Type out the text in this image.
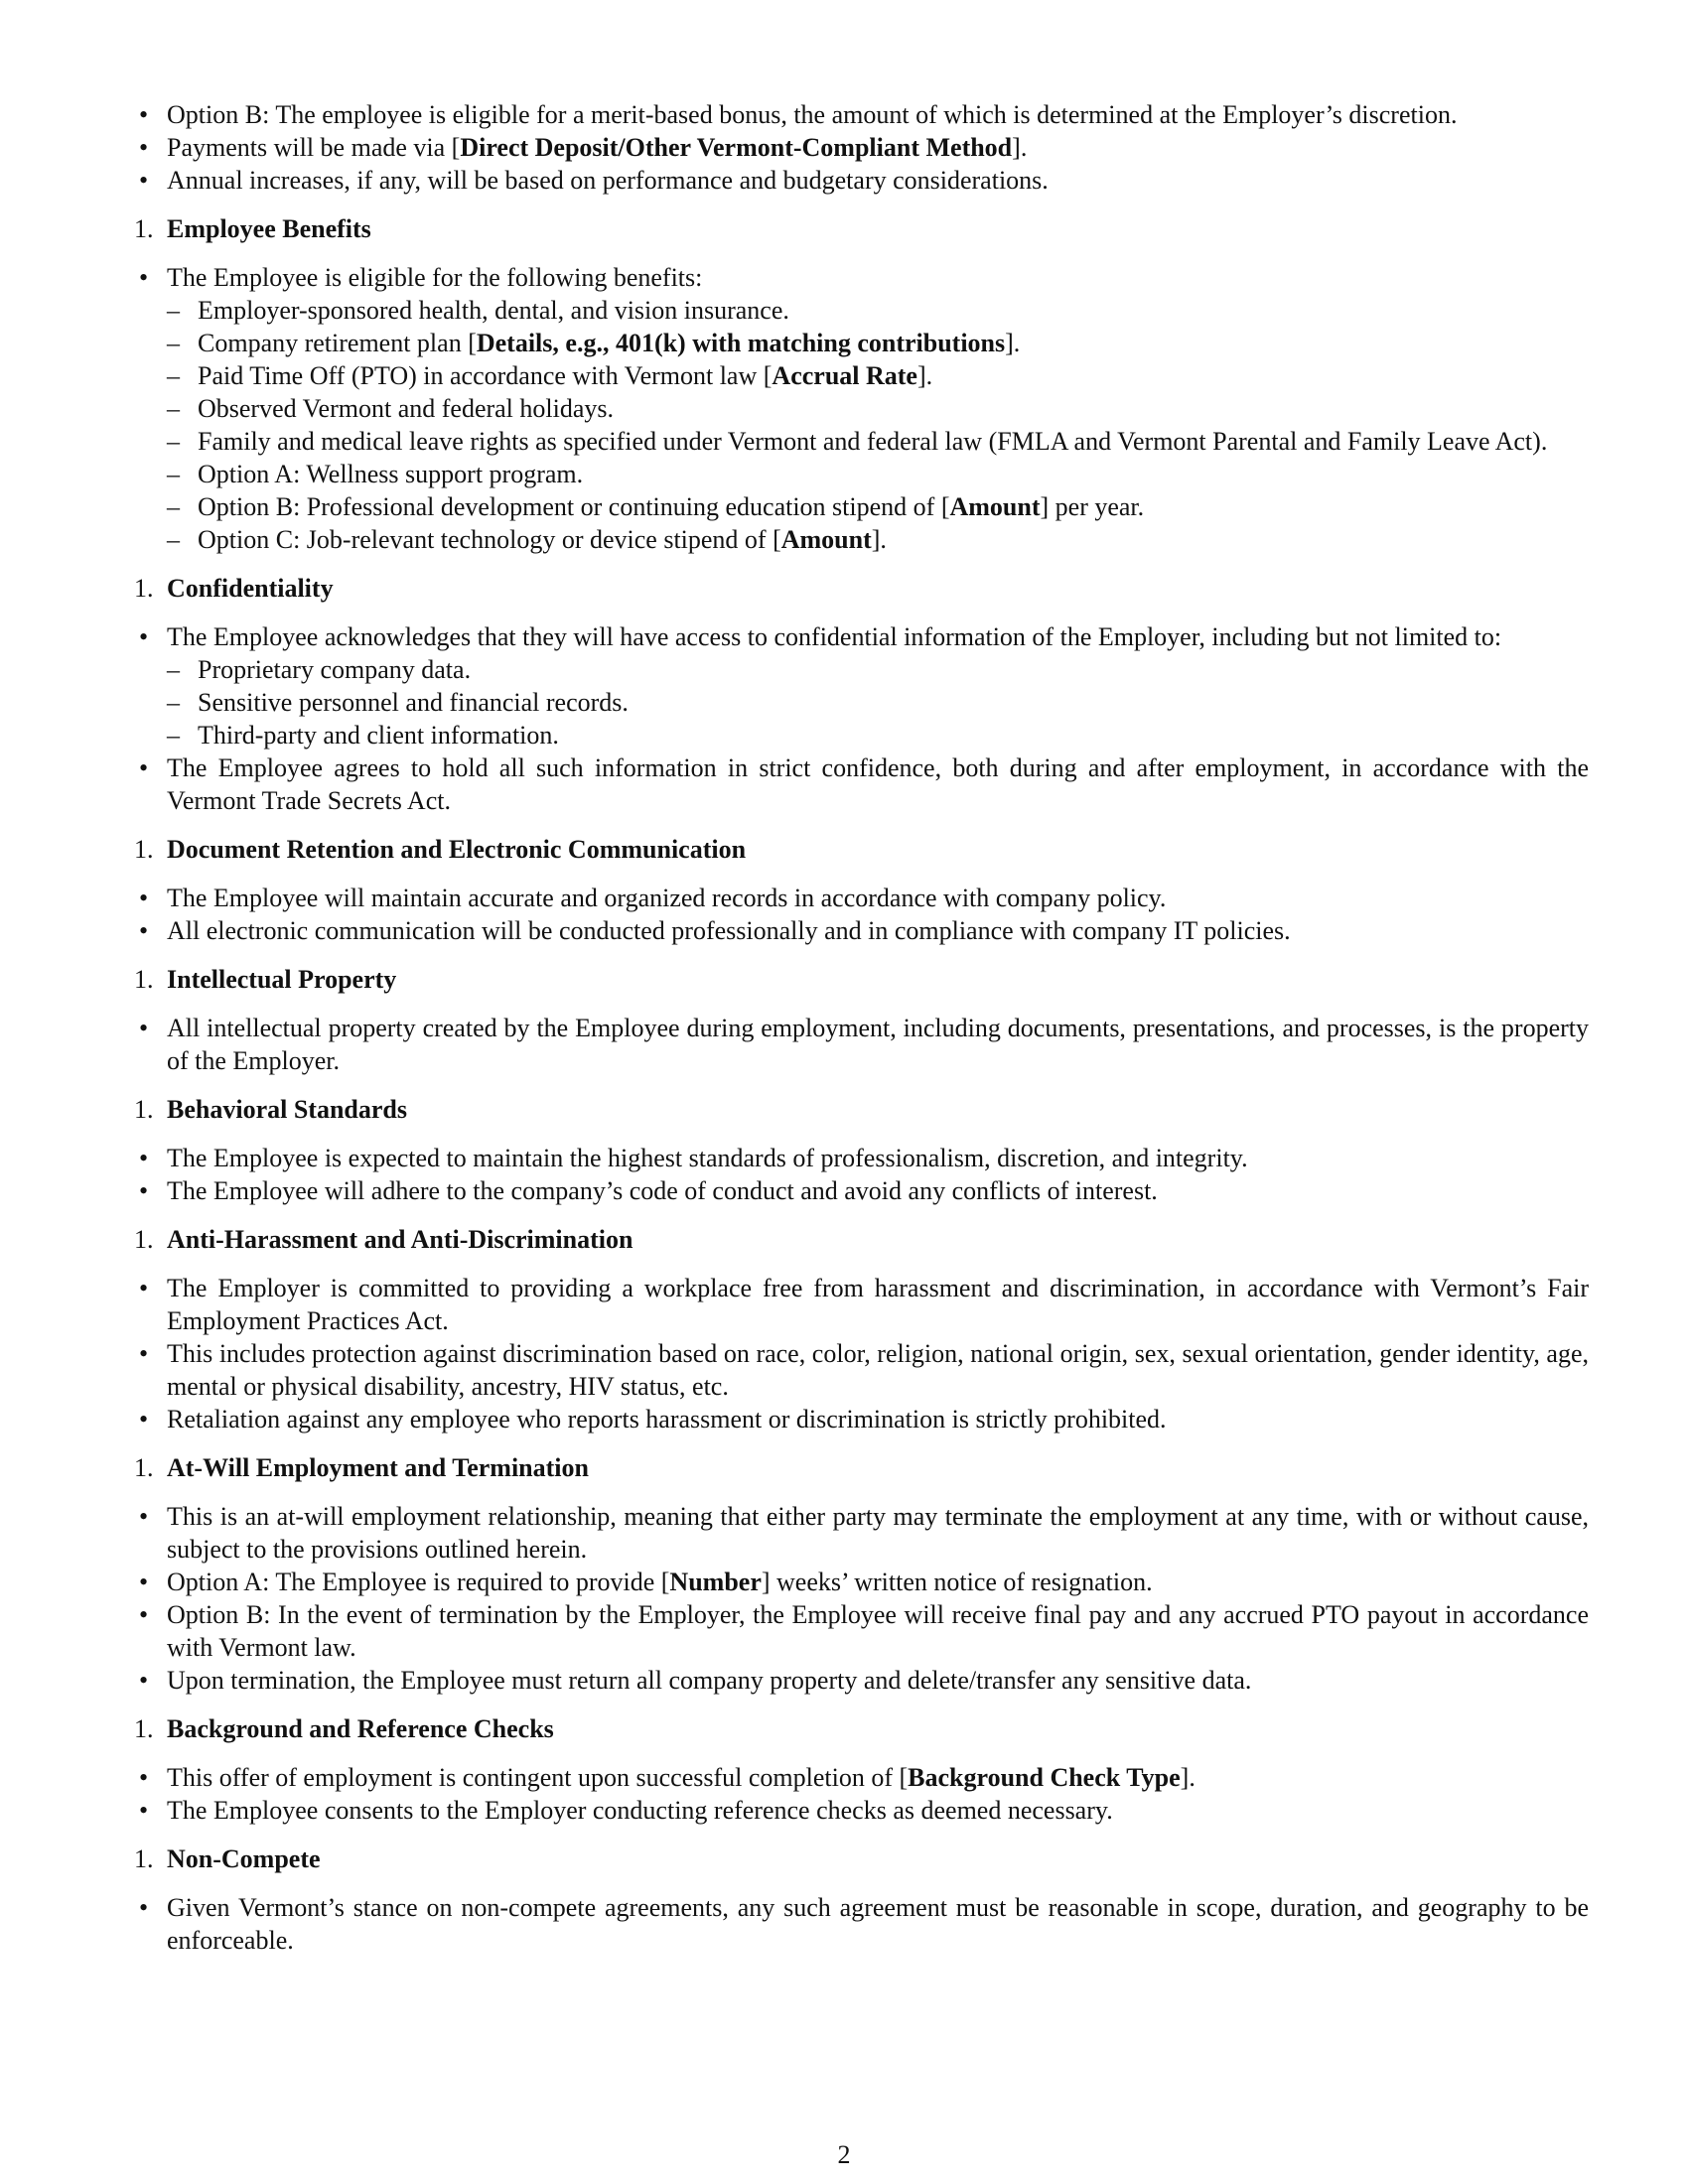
• Option B: The employee is eligible for a merit-based bonus, the amount of which is determined at the Employer’s discretion.
• Payments will be made via [Direct Deposit/Other Vermont-Compliant Method].
• Annual increases, if any, will be based on performance and budgetary considerations.
1. Employee Benefits
• The Employee is eligible for the following benefits:
– Employer-sponsored health, dental, and vision insurance.
– Company retirement plan [Details, e.g., 401(k) with matching contributions].
– Paid Time Off (PTO) in accordance with Vermont law [Accrual Rate].
– Observed Vermont and federal holidays.
– Family and medical leave rights as specified under Vermont and federal law (FMLA and Vermont Parental and Family Leave Act).
– Option A: Wellness support program.
– Option B: Professional development or continuing education stipend of [Amount] per year.
– Option C: Job-relevant technology or device stipend of [Amount].
1. Confidentiality
• The Employee acknowledges that they will have access to confidential information of the Employer, including but not limited to:
– Proprietary company data.
– Sensitive personnel and financial records.
– Third-party and client information.
• The Employee agrees to hold all such information in strict confidence, both during and after employment, in accordance with the Vermont Trade Secrets Act.
1. Document Retention and Electronic Communication
• The Employee will maintain accurate and organized records in accordance with company policy.
• All electronic communication will be conducted professionally and in compliance with company IT policies.
1. Intellectual Property
• All intellectual property created by the Employee during employment, including documents, presentations, and processes, is the property of the Employer.
1. Behavioral Standards
• The Employee is expected to maintain the highest standards of professionalism, discretion, and integrity.
• The Employee will adhere to the company’s code of conduct and avoid any conflicts of interest.
1. Anti-Harassment and Anti-Discrimination
• The Employer is committed to providing a workplace free from harassment and discrimination, in accordance with Vermont’s Fair Employment Practices Act.
• This includes protection against discrimination based on race, color, religion, national origin, sex, sexual orientation, gender identity, age, mental or physical disability, ancestry, HIV status, etc.
• Retaliation against any employee who reports harassment or discrimination is strictly prohibited.
1. At-Will Employment and Termination
• This is an at-will employment relationship, meaning that either party may terminate the employment at any time, with or without cause, subject to the provisions outlined herein.
• Option A: The Employee is required to provide [Number] weeks’ written notice of resignation.
• Option B: In the event of termination by the Employer, the Employee will receive final pay and any accrued PTO payout in accordance with Vermont law.
• Upon termination, the Employee must return all company property and delete/transfer any sensitive data.
1. Background and Reference Checks
• This offer of employment is contingent upon successful completion of [Background Check Type].
• The Employee consents to the Employer conducting reference checks as deemed necessary.
1. Non-Compete
• Given Vermont’s stance on non-compete agreements, any such agreement must be reasonable in scope, duration, and geography to be enforceable.
2
